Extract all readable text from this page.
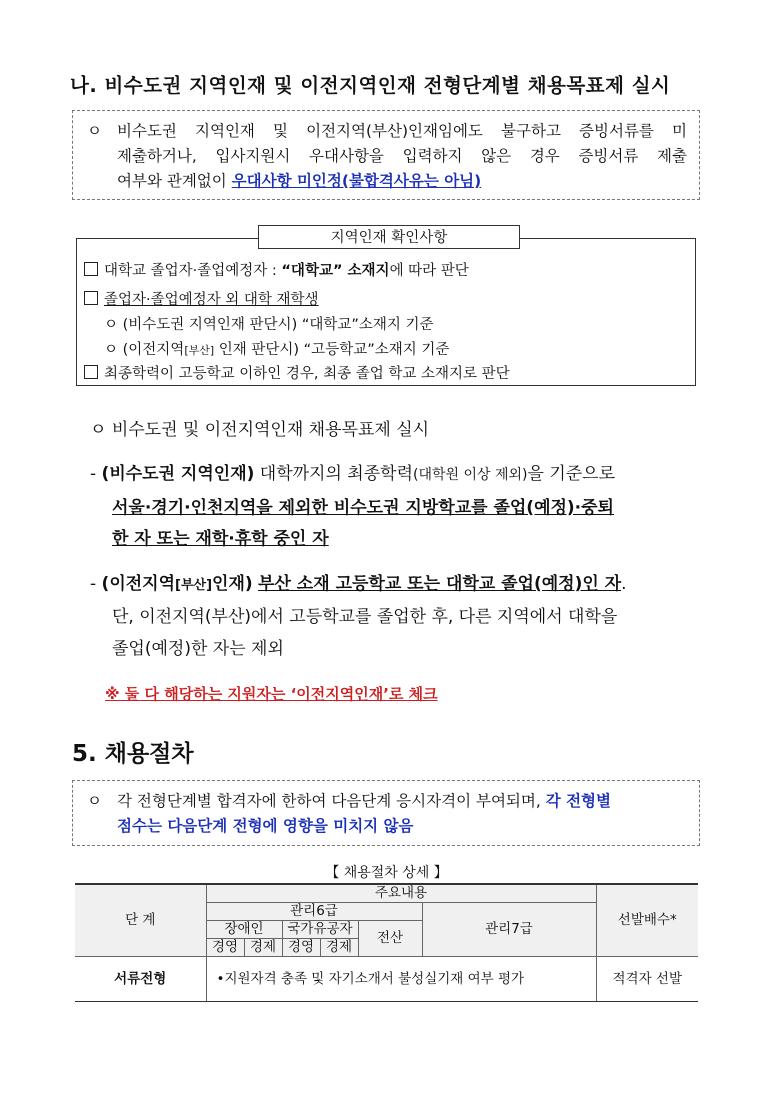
나. 비수도권 지역인재 및 이전지역인재 전형단계별 채용목표제 실시
ㅇ 비수도권 지역인재 및 이전지역(부산)인재임에도 불구하고 증빙서류를 미

제출하거나, 입사지원시 우대사항을 입력하지 않은 경우 증빙서류 제출

여부와 관계없이 우대사항 미인정(불합격사유는 아님)

지역인재 확인사항
대학교 졸업자·졸업예정자 : “대학교” 소재지에 따라 판단
졸업자·졸업예정자 외 대학 재학생
ㅇ (비수도권 지역인재 판단시) “대학교”소재지 기준
ㅇ (이전지역[부산] 인재 판단시) “고등학교”소재지 기준
최종학력이 고등학교 이하인 경우, 최종 졸업 학교 소재지로 판단
ㅇ 비수도권 및 이전지역인재 채용목표제 실시
- (비수도권 지역인재) 대학까지의 최종학력(대학원 이상 제외)을 기준으로
서울·경기·인천지역을 제외한 비수도권 지방학교를 졸업(예정)·중퇴
한 자 또는 재학·휴학 중인 자
- (이전지역[부산]인재) 부산 소재 고등학교 또는 대학교 졸업(예정)인 자.
단, 이전지역(부산)에서 고등학교를 졸업한 후, 다른 지역에서 대학을
졸업(예정)한 자는 제외
※ 둘 다 해당하는 지원자는 ‘이전지역인재’로 체크
5. 채용절차
ㅇ 각 전형단계별 합격자에 한하여 다음단계 응시자격이 부여되며, 각 전형별

점수는 다음단계 전형에 영향을 미치지 않음

【 채용절차 상세 】
단 계	주요내용						선발배수*
	관리6급					관리7급	
	장애인		국가유공자		전산		
	경영	경제	경영	경제			
서류전형	•지원자격 충족 및 자기소개서 불성실기재 여부 평가						적격자 선발
